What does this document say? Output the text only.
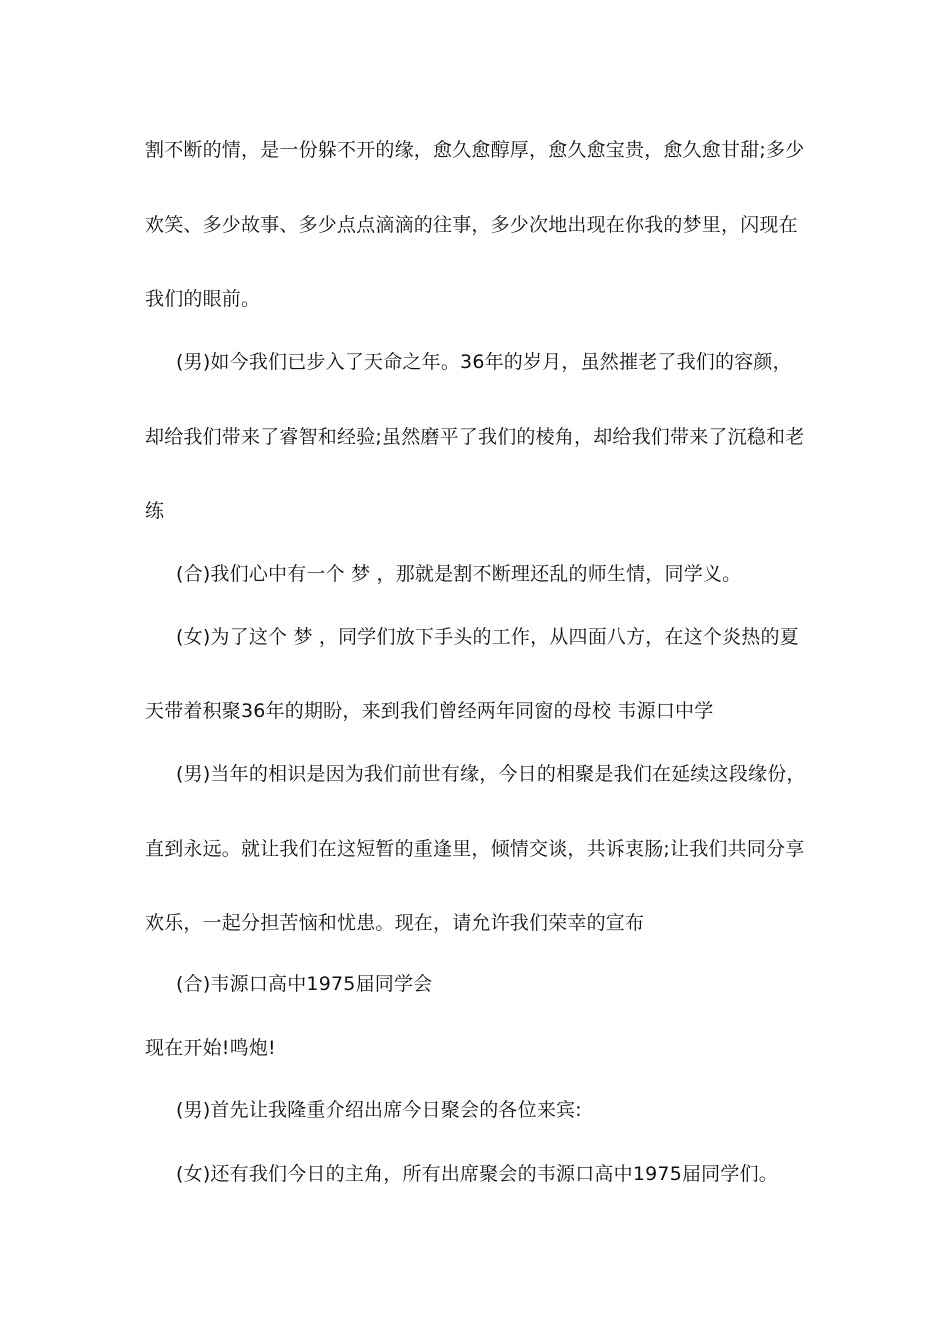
割不断的情，是一份躲不开的缘，愈久愈醇厚，愈久愈宝贵，愈久愈甘甜;多少
欢笑、多少故事、多少点点滴滴的往事，多少次地出现在你我的梦里，闪现在
我们的眼前。
(男)如今我们已步入了天命之年。36年的岁月，虽然摧老了我们的容颜，
却给我们带来了睿智和经验;虽然磨平了我们的棱角，却给我们带来了沉稳和老
练
(合)我们心中有一个 梦 ，那就是割不断理还乱的师生情，同学义。
(女)为了这个 梦 ，同学们放下手头的工作，从四面八方，在这个炎热的夏
天带着积聚36年的期盼，来到我们曾经两年同窗的母校 韦源口中学
(男)当年的相识是因为我们前世有缘，今日的相聚是我们在延续这段缘份，
直到永远。就让我们在这短暂的重逢里，倾情交谈，共诉衷肠;让我们共同分享
欢乐，一起分担苦恼和忧患。现在，请允许我们荣幸的宣布
(合)韦源口高中1975届同学会
现在开始!鸣炮!
(男)首先让我隆重介绍出席今日聚会的各位来宾:
(女)还有我们今日的主角，所有出席聚会的韦源口高中1975届同学们。
